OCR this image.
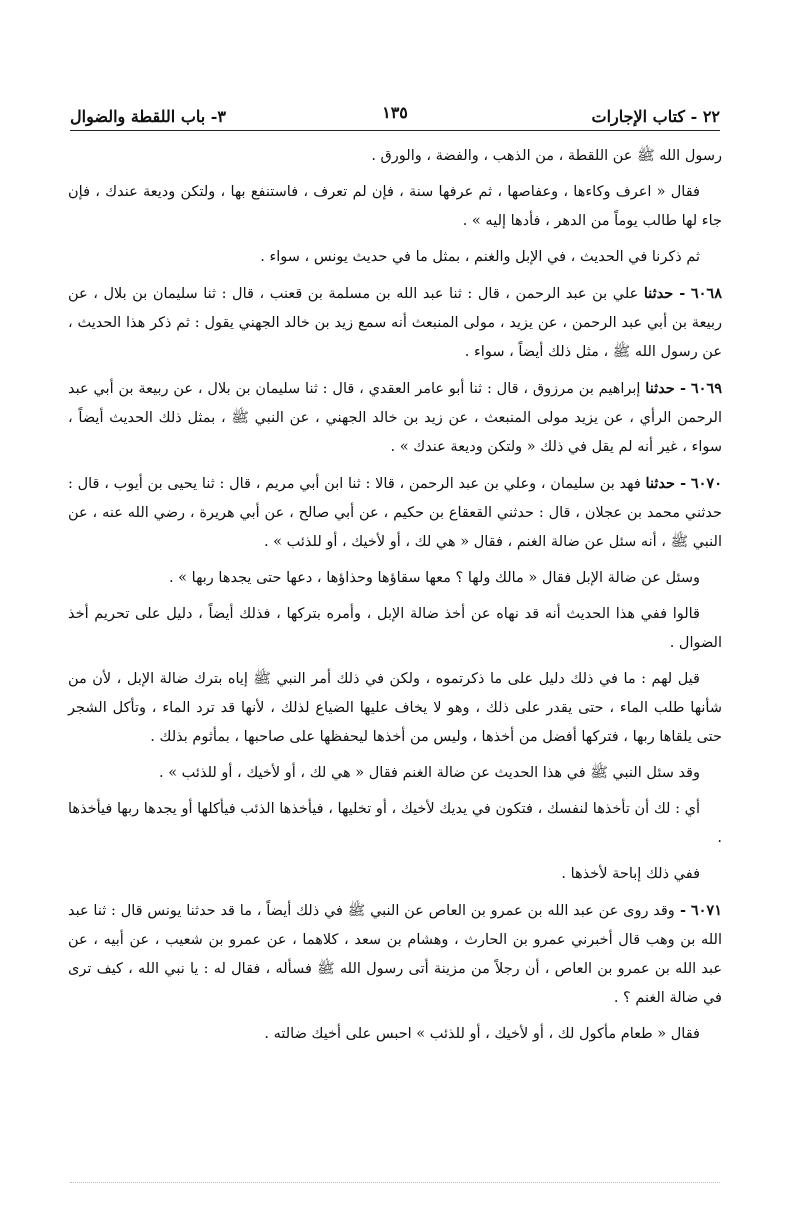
٢٢ - كتاب الإجارات
١٣٥
٣- باب اللقطة والضوال

رسول الله ﷺ عن اللقطة ، من الذهب ، والفضة ، والورق .

فقال « اعرف وكاءها ، وعفاصها ، ثم عرفها سنة ، فإن لم تعرف ، فاستنفع بها ، ولتكن وديعة عندك ، فإن جاء لها طالب يوماً من الدهر ، فأدها إليه » .

ثم ذكرنا في الحديث ، في الإبل والغنم ، بمثل ما في حديث يونس ، سواء .

٦٠٦٨ - حدثنا علي بن عبد الرحمن ، قال : ثنا عبد الله بن مسلمة بن قعنب ، قال : ثنا سليمان بن بلال ، عن ربيعة بن أبي عبد الرحمن ، عن يزيد ، مولى المنبعث أنه سمع زيد بن خالد الجهني يقول : ثم ذكر هذا الحديث ، عن رسول الله ﷺ ، مثل ذلك أيضاً ، سواء .

٦٠٦٩ - حدثنا إبراهيم بن مرزوق ، قال : ثنا أبو عامر العقدي ، قال : ثنا سليمان بن بلال ، عن ربيعة بن أبي عبد الرحمن الرأي ، عن يزيد مولى المنبعث ، عن زيد بن خالد الجهني ، عن النبي ﷺ ، بمثل ذلك الحديث أيضاً ، سواء ، غير أنه لم يقل في ذلك « ولتكن وديعة عندك » .

٦٠٧٠ - حدثنا فهد بن سليمان ، وعلي بن عبد الرحمن ، قالا : ثنا ابن أبي مريم ، قال : ثنا يحيى بن أيوب ، قال : حدثني محمد بن عجلان ، قال : حدثني القعقاع بن حكيم ، عن أبي صالح ، عن أبي هريرة ، رضي الله عنه ، عن النبي ﷺ ، أنه سئل عن ضالة الغنم ، فقال « هي لك ، أو لأخيك ، أو للذئب » .

وسئل عن ضالة الإبل فقال « مالك ولها ؟ معها سقاؤها وحذاؤها ، دعها حتى يجدها ربها » .

قالوا ففي هذا الحديث أنه قد نهاه عن أخذ ضالة الإبل ، وأمره بتركها ، فذلك أيضاً ، دليل على تحريم أخذ الضوال .

قيل لهم : ما في ذلك دليل على ما ذكرتموه ، ولكن في ذلك أمر النبي ﷺ إياه بترك ضالة الإبل ، لأن من شأنها طلب الماء ، حتى يقدر على ذلك ، وهو لا يخاف عليها الضياع لذلك ، لأنها قد ترد الماء ، وتأكل الشجر حتى يلقاها ربها ، فتركها أفضل من أخذها ، وليس من أخذها ليحفظها على صاحبها ، بمأثوم بذلك .

وقد سئل النبي ﷺ في هذا الحديث عن ضالة الغنم فقال « هي لك ، أو لأخيك ، أو للذئب » .

أي : لك أن تأخذها لنفسك ، فتكون في يديك لأخيك ، أو تخليها ، فيأخذها الذئب فيأكلها أو يجدها ربها فيأخذها .

ففي ذلك إباحة لأخذها .

٦٠٧١ - وقد روى عن عبد الله بن عمرو بن العاص عن النبي ﷺ في ذلك أيضاً ، ما قد حدثنا يونس قال : ثنا عبد الله بن وهب قال أخبرني عمرو بن الحارث ، وهشام بن سعد ، كلاهما ، عن عمرو بن شعيب ، عن أبيه ، عن عبد الله بن عمرو بن العاص ، أن رجلاً من مزينة أتى رسول الله ﷺ فسأله ، فقال له : يا نبي الله ، كيف ترى في ضالة الغنم ؟ .

فقال « طعام مأكول لك ، أو لأخيك ، أو للذئب » احبس على أخيك ضالته .
